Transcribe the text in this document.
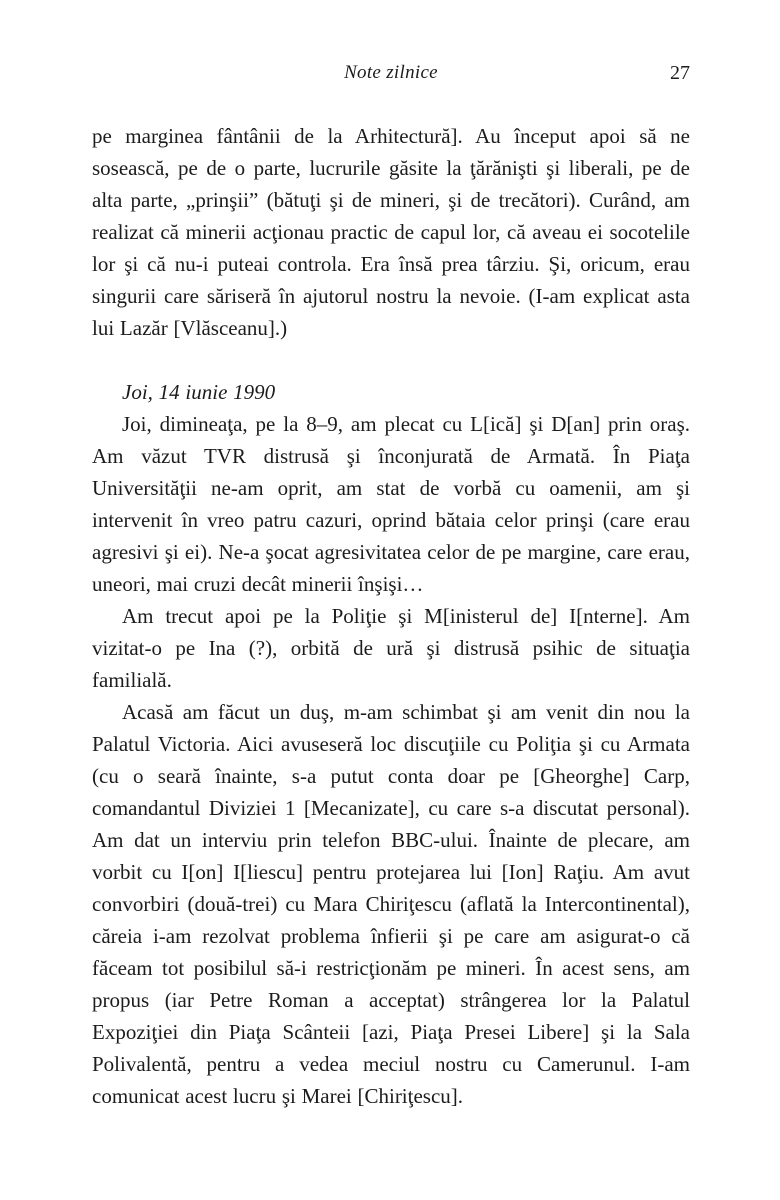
Note zilnice	27

pe marginea fântânii de la Arhitectură]. Au început apoi să ne sosească, pe de o parte, lucrurile găsite la ţărănişti şi liberali, pe de alta parte, „prinşii” (bătuţi şi de mineri, şi de trecători). Curând, am realizat că minerii acţionau practic de capul lor, că aveau ei socotelile lor şi că nu-i puteai controla. Era însă prea târziu. Şi, oricum, erau singurii care săriseră în ajutorul nostru la nevoie. (I-am explicat asta lui Lazăr [Vlăsceanu].)

Joi, 14 iunie 1990

Joi, dimineaţa, pe la 8–9, am plecat cu L[ică] şi D[an] prin oraş. Am văzut TVR distrusă şi înconjurată de Armată. În Piaţa Universităţii ne-am oprit, am stat de vorbă cu oamenii, am şi intervenit în vreo patru cazuri, oprind bătaia celor prinşi (care erau agresivi şi ei). Ne-a şocat agresivitatea celor de pe margine, care erau, uneori, mai cruzi decât minerii înşişi…

Am trecut apoi pe la Poliţie şi M[inisterul de] I[nterne]. Am vizitat-o pe Ina (?), orbită de ură şi distrusă psihic de situaţia familială.

Acasă am făcut un duş, m-am schimbat şi am venit din nou la Palatul Victoria. Aici avuseseră loc discuţiile cu Poliţia şi cu Armata (cu o seară înainte, s-a putut conta doar pe [Gheorghe] Carp, comandantul Diviziei 1 [Mecanizate], cu care s-a discutat personal). Am dat un interviu prin telefon BBC-ului. Înainte de plecare, am vorbit cu I[on] I[liescu] pentru protejarea lui [Ion] Raţiu. Am avut convorbiri (două-trei) cu Mara Chiriţescu (aflată la Intercontinental), căreia i-am rezolvat problema înfierii şi pe care am asigurat-o că făceam tot posibilul să-i restricţionăm pe mineri. În acest sens, am propus (iar Petre Roman a acceptat) strângerea lor la Palatul Expoziţiei din Piaţa Scânteii [azi, Piaţa Presei Libere] şi la Sala Polivalentă, pentru a vedea meciul nostru cu Camerunul. I-am comunicat acest lucru şi Marei [Chiriţescu].
